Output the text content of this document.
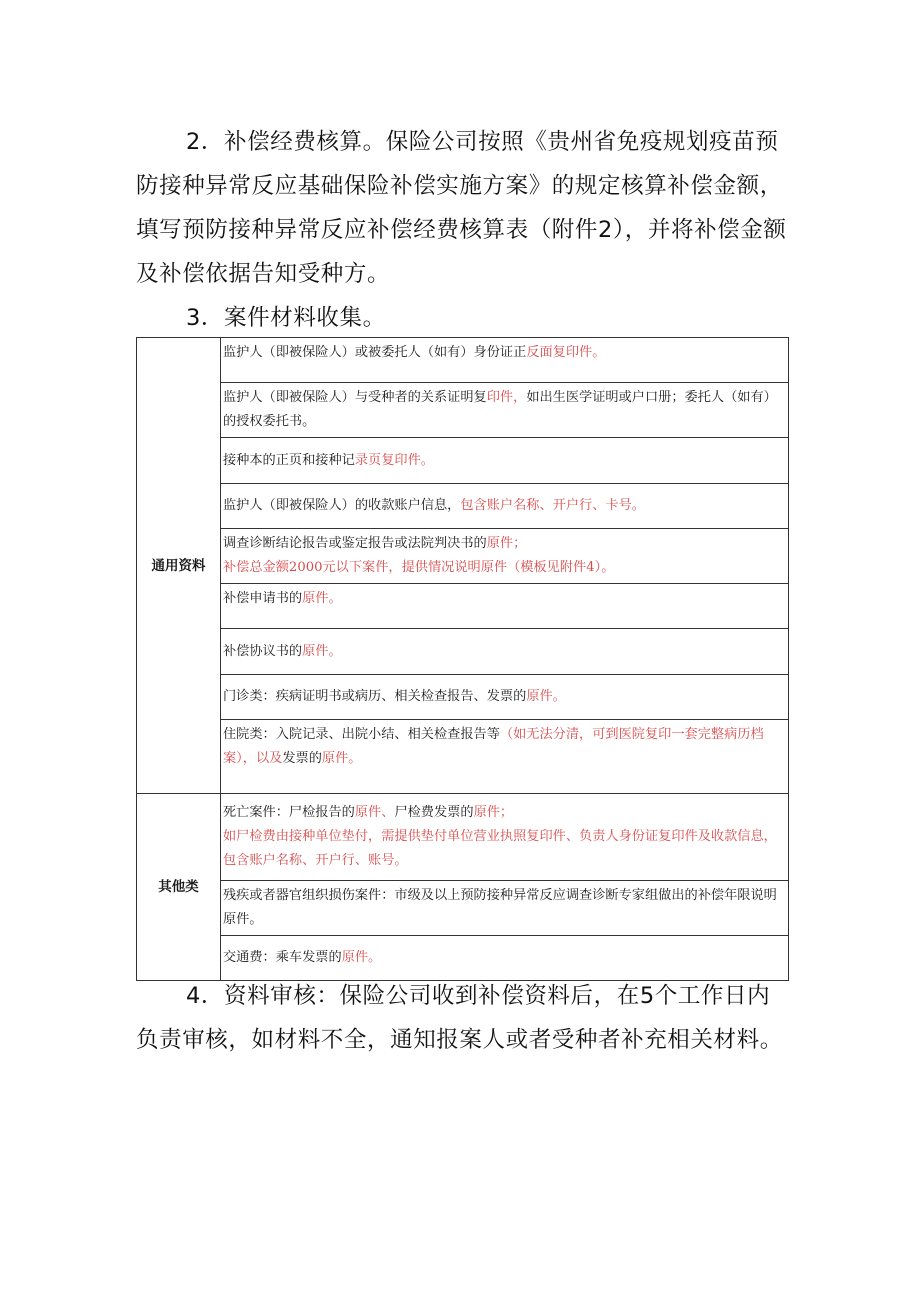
2．补偿经费核算。保险公司按照《贵州省免疫规划疫苗预防接种异常反应基础保险补偿实施方案》的规定核算补偿金额，填写预防接种异常反应补偿经费核算表（附件2），并将补偿金额及补偿依据告知受种方。

3．案件材料收集。

通用资料	监护人（即被保险人）或被委托人（如有）身份证正反面复印件。
	监护人（即被保险人）与受种者的关系证明复印件，如出生医学证明或户口册；委托人（如有）的授权委托书。
	接种本的正页和接种记录页复印件。
	监护人（即被保险人）的收款账户信息，包含账户名称、开户行、卡号。
	调查诊断结论报告或鉴定报告或法院判决书的原件；
补偿总金额2000元以下案件，提供情况说明原件（模板见附件4）。
	补偿申请书的原件。
	补偿协议书的原件。
	门诊类：疾病证明书或病历、相关检查报告、发票的原件。
	住院类：入院记录、出院小结、相关检查报告等（如无法分清，可到医院复印一套完整病历档案），以及发票的原件。
其他类	死亡案件：尸检报告的原件、尸检费发票的原件；
如尸检费由接种单位垫付，需提供垫付单位营业执照复印件、负责人身份证复印件及收款信息，包含账户名称、开户行、账号。
	残疾或者器官组织损伤案件：市级及以上预防接种异常反应调查诊断专家组做出的补偿年限说明原件。
	交通费：乘车发票的原件。

4．资料审核：保险公司收到补偿资料后，在5个工作日内负责审核，如材料不全，通知报案人或者受种者补充相关材料。
